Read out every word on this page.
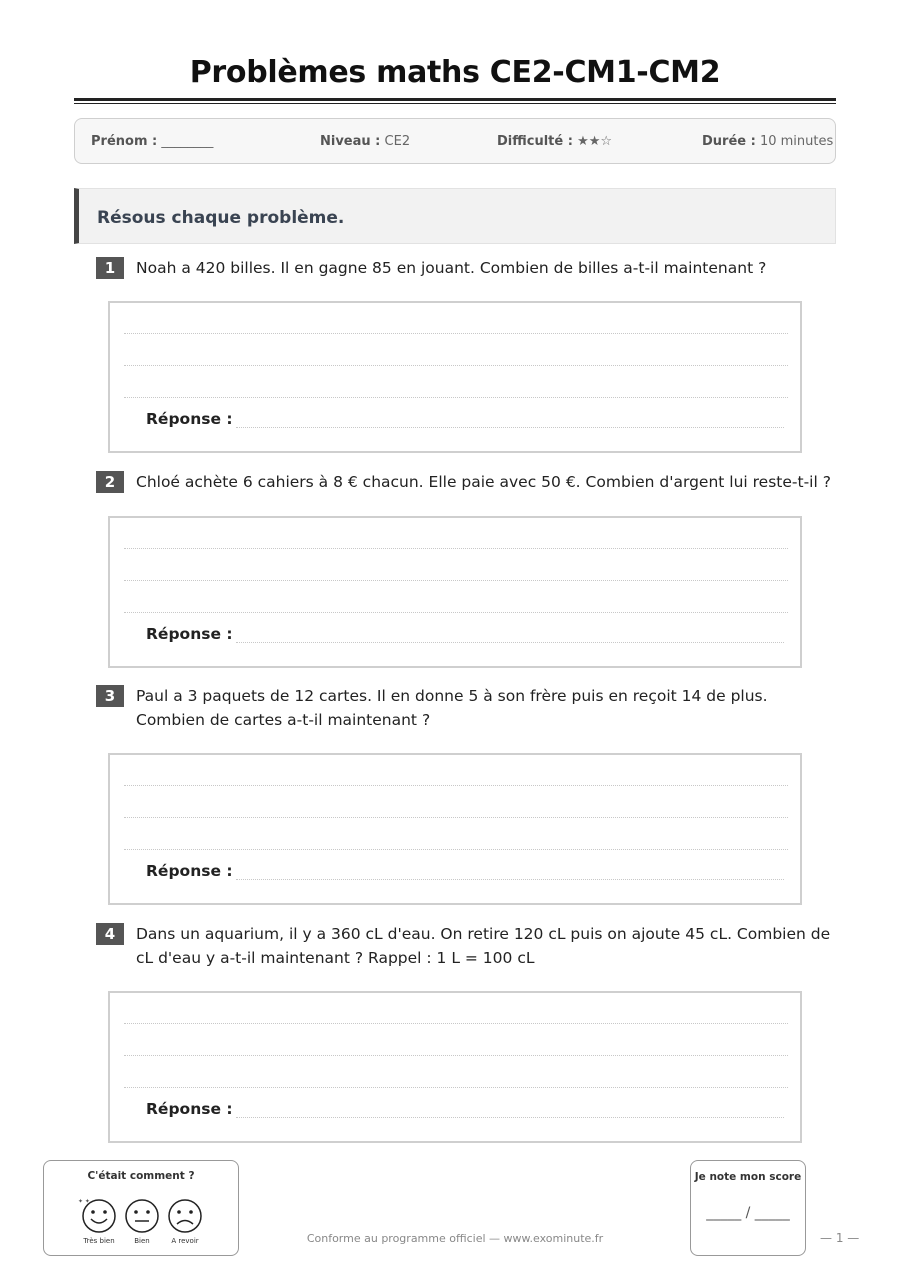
Problèmes maths CE2-CM1-CM2
Prénom : ________	Niveau : CE2	Difficulté : ★★☆	Durée : 10 minutes
Résous chaque problème.
1	Noah a 420 billes. Il en gagne 85 en jouant. Combien de billes a-t-il maintenant ?
Réponse :
2	Chloé achète 6 cahiers à 8 € chacun. Elle paie avec 50 €. Combien d'argent lui reste-t-il ?
Réponse :
3	Paul a 3 paquets de 12 cartes. Il en donne 5 à son frère puis en reçoit 14 de plus. Combien de cartes a-t-il maintenant ?
Réponse :
4	Dans un aquarium, il y a 360 cL d'eau. On retire 120 cL puis on ajoute 45 cL. Combien de cL d'eau y a-t-il maintenant ? Rappel : 1 L = 100 cL
Réponse :
C'était comment ?
✦ ✦
Très bien	Bien	A revoir	Conforme au programme officiel — www.exominute.fr
Je note mon score
_____ / _____
— 1 —
